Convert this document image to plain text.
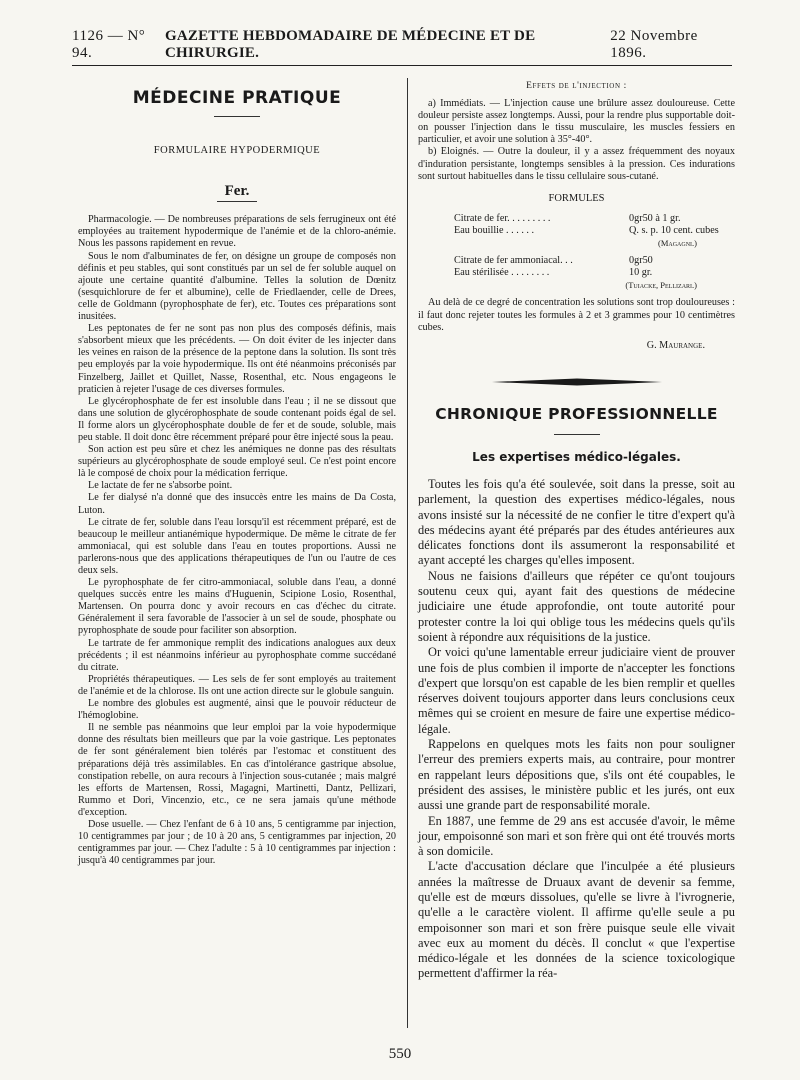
1126 — N° 94.
GAZETTE HEBDOMADAIRE DE MÉDECINE ET DE CHIRURGIE.
22 Novembre 1896.
MÉDECINE PRATIQUE
FORMULAIRE HYPODERMIQUE
Fer.

Pharmacologie. — De nombreuses préparations de sels ferrugineux ont été employées au traitement hypodermique de l'anémie et de la chloro-anémie. Nous les passons rapidement en revue.

Sous le nom d'albuminates de fer, on désigne un groupe de composés non définis et peu stables, qui sont constitués par un sel de fer soluble auquel on ajoute une certaine quantité d'albumine. Telles la solution de Dœnitz (sesquichlorure de fer et albumine), celle de Friedlaender, celle de Drees, celle de Goldmann (pyrophosphate de fer), etc. Toutes ces préparations sont inusitées.

Les peptonates de fer ne sont pas non plus des composés définis, mais s'absorbent mieux que les précédents. — On doit éviter de les injecter dans les veines en raison de la présence de la peptone dans la solution. Ils sont très peu employés par la voie hypodermique. Ils ont été néanmoins préconisés par Finzelberg, Jaillet et Quillet, Nasse, Rosenthal, etc. Nous engageons le praticien à rejeter l'usage de ces diverses formules.

Le glycérophosphate de fer est insoluble dans l'eau ; il ne se dissout que dans une solution de glycérophosphate de soude contenant poids égal de sel. Il forme alors un glycérophosphate double de fer et de soude, soluble, mais peu stable. Il doit donc être récemment préparé pour être injecté sous la peau.

Son action est peu sûre et chez les anémiques ne donne pas des résultats supérieurs au glycérophosphate de soude employé seul. Ce n'est point encore là le composé de choix pour la médication ferrique.

Le lactate de fer ne s'absorbe point.

Le fer dialysé n'a donné que des insuccès entre les mains de Da Costa, Luton.

Le citrate de fer, soluble dans l'eau lorsqu'il est récemment préparé, est de beaucoup le meilleur antianémique hypodermique. De même le citrate de fer ammoniacal, qui est soluble dans l'eau en toutes proportions. Aussi ne parlerons-nous que des applications thérapeutiques de l'un ou l'autre de ces deux sels.

Le pyrophosphate de fer citro-ammoniacal, soluble dans l'eau, a donné quelques succès entre les mains d'Huguenin, Scipione Losio, Rosenthal, Martensen. On pourra donc y avoir recours en cas d'échec du citrate. Généralement il sera favorable de l'associer à un sel de soude, phosphate ou pyrophosphate de soude pour faciliter son absorption.

Le tartrate de fer ammonique remplit des indications analogues aux deux précédents ; il est néanmoins inférieur au pyrophosphate comme succédané du citrate.

Propriétés thérapeutiques. — Les sels de fer sont employés au traitement de l'anémie et de la chlorose. Ils ont une action directe sur le globule sanguin.

Le nombre des globules est augmenté, ainsi que le pouvoir réducteur de l'hémoglobine.

Il ne semble pas néanmoins que leur emploi par la voie hypodermique donne des résultats bien meilleurs que par la voie gastrique. Les peptonates de fer sont généralement bien tolérés par l'estomac et constituent des préparations déjà très assimilables. En cas d'intolérance gastrique absolue, constipation rebelle, on aura recours à l'injection sous-cutanée ; mais malgré les efforts de Martensen, Rossi, Magagni, Martinetti, Dantz, Pellizari, Rummo et Dori, Vincenzio, etc., ce ne sera jamais qu'une méthode d'exception.

Dose usuelle. — Chez l'enfant de 6 à 10 ans, 5 centigramme par injection, 10 centigrammes par jour ; de 10 à 20 ans, 5 centigrammes par injection, 20 centigrammes par jour. — Chez l'adulte : 5 à 10 centigrammes par injection : jusqu'à 40 centigrammes par jour.

Effets de l'injection :

a) Immédiats. — L'injection cause une brûlure assez douloureuse. Cette douleur persiste assez longtemps. Aussi, pour la rendre plus supportable doit-on pousser l'injection dans le tissu musculaire, les muscles fessiers en particulier, et avoir une solution à 35°-40°.

b) Eloignés. — Outre la douleur, il y a assez fréquemment des noyaux d'induration persistante, longtemps sensibles à la pression. Ces indurations sont surtout habituelles dans le tissu cellulaire sous-cutané.

FORMULES
Citrate de fer. . . . . . . . .	0gr50 à 1 gr.
Eau bouillie . . . . . .	Q. s. p. 10 cent. cubes
(Magagni.)
Citrate de fer ammoniacal. . .	0gr50
Eau stérilisée . . . . . . . .	10 gr.
(Tuiacke, Pellizari.)

Au delà de ce degré de concentration les solutions sont trop douloureuses : il faut donc rejeter toutes les formules à 2 et 3 grammes pour 10 centimètres cubes.

G. Maurange.
CHRONIQUE PROFESSIONNELLE
Les expertises médico-légales.

Toutes les fois qu'a été soulevée, soit dans la presse, soit au parlement, la question des expertises médico-légales, nous avons insisté sur la nécessité de ne confier le titre d'expert qu'à des médecins ayant été préparés par des études antérieures aux délicates fonctions dont ils assumeront la responsabilité et ayant accepté les charges qu'elles imposent.

Nous ne faisions d'ailleurs que répéter ce qu'ont toujours soutenu ceux qui, ayant fait des questions de médecine judiciaire une étude approfondie, ont toute autorité pour protester contre la loi qui oblige tous les médecins quels qu'ils soient à répondre aux réquisitions de la justice.

Or voici qu'une lamentable erreur judiciaire vient de prouver une fois de plus combien il importe de n'accepter les fonctions d'expert que lorsqu'on est capable de les bien remplir et quelles réserves doivent toujours apporter dans leurs conclusions ceux mêmes qui se croient en mesure de faire une expertise médico-légale.

Rappelons en quelques mots les faits non pour souligner l'erreur des premiers experts mais, au contraire, pour montrer en rappelant leurs dépositions que, s'ils ont été coupables, le président des assises, le ministère public et les jurés, ont eux aussi une grande part de responsabilité morale.

En 1887, une femme de 29 ans est accusée d'avoir, le même jour, empoisonné son mari et son frère qui ont été trouvés morts à son domicile.

L'acte d'accusation déclare que l'inculpée a été plusieurs années la maîtresse de Druaux avant de devenir sa femme, qu'elle est de mœurs dissolues, qu'elle se livre à l'ivrognerie, qu'elle a le caractère violent. Il affirme qu'elle seule a pu empoisonner son mari et son frère puisque seule elle vivait avec eux au moment du décès. Il conclut « que l'expertise médico-légale et les données de la science toxicologique permettent d'affirmer la réa-

550
